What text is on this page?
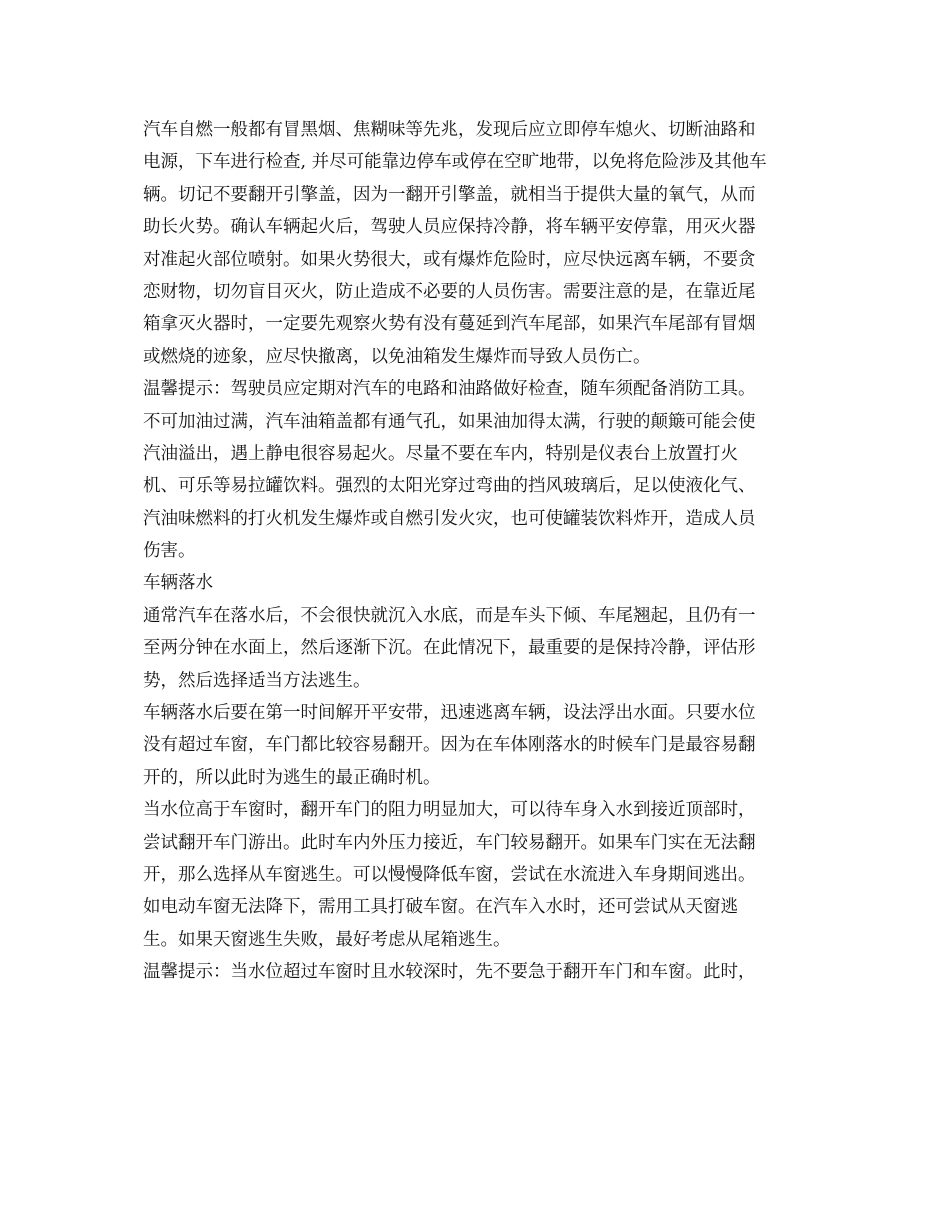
汽车自燃一般都有冒黑烟、焦糊味等先兆，发现后应立即停车熄火、切断油路和
电源，下车进行检查, 并尽可能靠边停车或停在空旷地带，以免将危险涉及其他车
辆。切记不要翻开引擎盖，因为一翻开引擎盖，就相当于提供大量的氧气，从而
助长火势。确认车辆起火后，驾驶人员应保持冷静，将车辆平安停靠，用灭火器
对准起火部位喷射。如果火势很大，或有爆炸危险时，应尽快远离车辆，不要贪
恋财物，切勿盲目灭火，防止造成不必要的人员伤害。需要注意的是，在靠近尾
箱拿灭火器时，一定要先观察火势有没有蔓延到汽车尾部，如果汽车尾部有冒烟
或燃烧的迹象，应尽快撤离，以免油箱发生爆炸而导致人员伤亡。
温馨提示：驾驶员应定期对汽车的电路和油路做好检查，随车须配备消防工具。
不可加油过满，汽车油箱盖都有通气孔，如果油加得太满，行驶的颠簸可能会使
汽油溢出，遇上静电很容易起火。尽量不要在车内，特别是仪表台上放置打火
机、可乐等易拉罐饮料。强烈的太阳光穿过弯曲的挡风玻璃后，足以使液化气、
汽油味燃料的打火机发生爆炸或自燃引发火灾，也可使罐装饮料炸开，造成人员
伤害。
车辆落水
通常汽车在落水后，不会很快就沉入水底，而是车头下倾、车尾翘起，且仍有一
至两分钟在水面上，然后逐渐下沉。在此情况下，最重要的是保持冷静，评估形
势，然后选择适当方法逃生。
车辆落水后要在第一时间解开平安带，迅速逃离车辆，设法浮出水面。只要水位
没有超过车窗，车门都比较容易翻开。因为在车体刚落水的时候车门是最容易翻
开的，所以此时为逃生的最正确时机。
当水位高于车窗时，翻开车门的阻力明显加大，可以待车身入水到接近顶部时，
尝试翻开车门游出。此时车内外压力接近，车门较易翻开。如果车门实在无法翻
开，那么选择从车窗逃生。可以慢慢降低车窗，尝试在水流进入车身期间逃出。
如电动车窗无法降下，需用工具打破车窗。在汽车入水时，还可尝试从天窗逃
生。如果天窗逃生失败，最好考虑从尾箱逃生。
温馨提示：当水位超过车窗时且水较深时，先不要急于翻开车门和车窗。此时，
